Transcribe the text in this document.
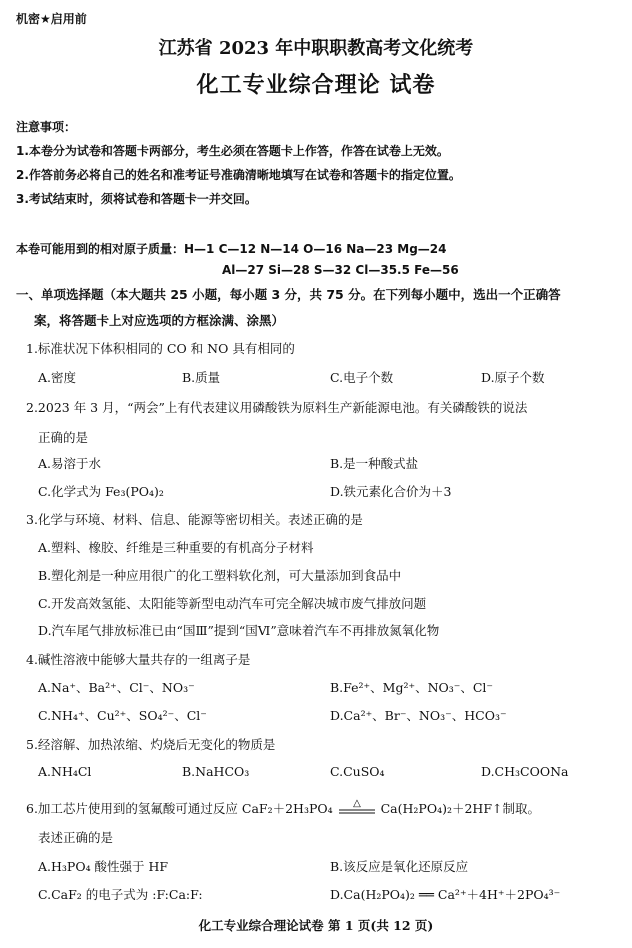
机密★启用前
江苏省 2023 年中职职教高考文化统考
化工专业综合理论 试卷
注意事项：
1.本卷分为试卷和答题卡两部分，考生必须在答题卡上作答，作答在试卷上无效。
2.作答前务必将自己的姓名和准考证号准确清晰地填写在试卷和答题卡的指定位置。
3.考试结束时，须将试卷和答题卡一并交回。
本卷可能用到的相对原子质量：H—1 C—12 N—14 O—16 Na—23 Mg—24
Al—27 Si—28 S—32 Cl—35.5 Fe—56
一、单项选择题（本大题共 25 小题，每小题 3 分，共 75 分。在下列每小题中，选出一个正确答
案，将答题卡上对应选项的方框涂满、涂黑）
1.标准状况下体积相同的 CO 和 NO 具有相同的
A.密度	B.质量	C.电子个数	D.原子个数
2.2023 年 3 月，“两会”上有代表建议用磷酸铁为原料生产新能源电池。有关磷酸铁的说法
正确的是
A.易溶于水	B.是一种酸式盐
C.化学式为 Fe₃(PO₄)₂	D.铁元素化合价为＋3
3.化学与环境、材料、信息、能源等密切相关。表述正确的是
A.塑料、橡胶、纤维是三种重要的有机高分子材料
B.塑化剂是一种应用很广的化工塑料软化剂，可大量添加到食品中
C.开发高效氢能、太阳能等新型电动汽车可完全解决城市废气排放问题
D.汽车尾气排放标准已由“国Ⅲ”提到“国Ⅵ”意味着汽车不再排放氮氧化物
4.碱性溶液中能够大量共存的一组离子是
A.Na⁺、Ba²⁺、Cl⁻、NO₃⁻	B.Fe²⁺、Mg²⁺、NO₃⁻、Cl⁻
C.NH₄⁺、Cu²⁺、SO₄²⁻、Cl⁻	D.Ca²⁺、Br⁻、NO₃⁻、HCO₃⁻
5.经溶解、加热浓缩、灼烧后无变化的物质是
A.NH₄Cl	B.NaHCO₃	C.CuSO₄	D.CH₃COONa
6.加工芯片使用到的氢氟酸可通过反应 CaF₂＋2H₃PO₄ △ Ca(H₂PO₄)₂＋2HF↑制取。
表述正确的是
A.H₃PO₄ 酸性强于 HF	B.该反应是氧化还原反应
C.CaF₂ 的电子式为 :F:Ca:F:	D.Ca(H₂PO₄)₂ ══ Ca²⁺＋4H⁺＋2PO₄³⁻
化工专业综合理论试卷 第 1 页(共 12 页)
